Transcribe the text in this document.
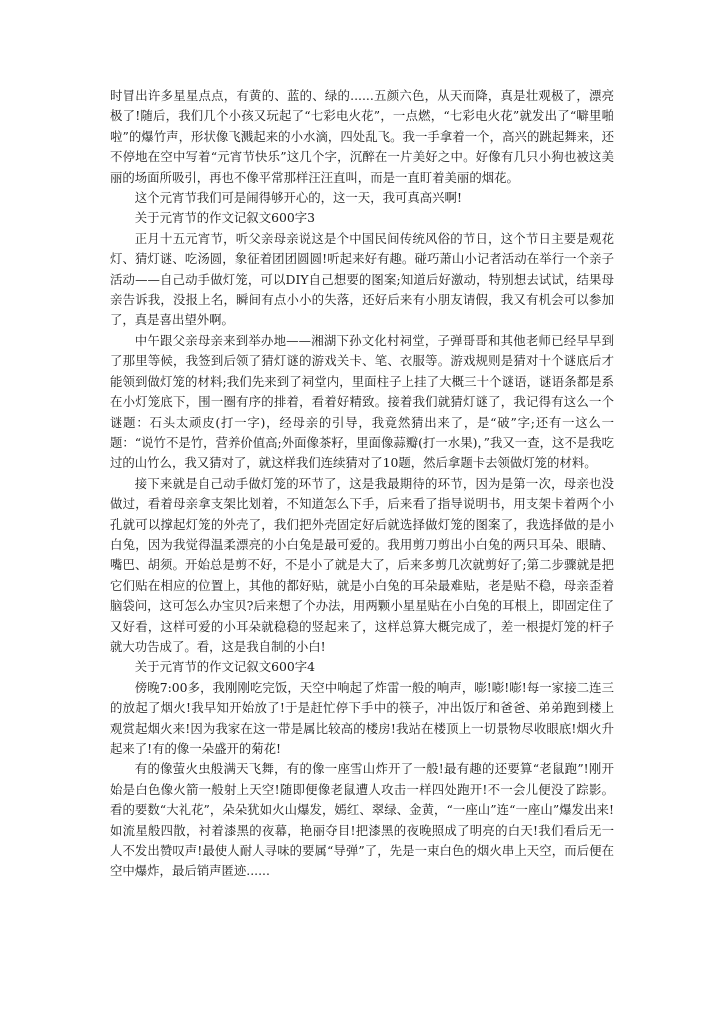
时冒出许多星星点点，有黄的、蓝的、绿的......五颜六色，从天而降，真是壮观极了，漂亮极了!随后，我们几个小孩又玩起了“七彩电火花”，一点燃，“七彩电火花”就发出了“噼里啪啦”的爆竹声，形状像飞溅起来的小水滴，四处乱飞。我一手拿着一个，高兴的跳起舞来，还不停地在空中写着“元宵节快乐”这几个字，沉醉在一片美好之中。好像有几只小狗也被这美丽的场面所吸引，再也不像平常那样汪汪直叫，而是一直盯着美丽的烟花。

这个元宵节我们可是闹得够开心的，这一天，我可真高兴啊!

关于元宵节的作文记叙文600字3

正月十五元宵节，听父亲母亲说这是个中国民间传统风俗的节日，这个节日主要是观花灯、猜灯谜、吃汤圆，象征着团团圆圆!听起来好有趣。碰巧萧山小记者活动在举行一个亲子活动——自己动手做灯笼，可以DIY自己想要的图案;知道后好激动，特别想去试试，结果母亲告诉我，没报上名，瞬间有点小小的失落，还好后来有小朋友请假，我又有机会可以参加了，真是喜出望外啊。

中午跟父亲母亲来到举办地——湘湖下孙文化村祠堂，子弹哥哥和其他老师已经早早到了那里等候，我签到后领了猜灯谜的游戏关卡、笔、衣服等。游戏规则是猜对十个谜底后才能领到做灯笼的材料;我们先来到了祠堂内，里面柱子上挂了大概三十个谜语，谜语条都是系在小灯笼底下，围一圈有序的排着，看着好精致。接着我们就猜灯谜了，我记得有这么一个谜题：石头太顽皮(打一字)，经母亲的引导，我竟然猜出来了，是“破”字;还有一这么一题：“说竹不是竹，营养价值高;外面像茶籽，里面像蒜瓣(打一水果)，”我又一查，这不是我吃过的山竹么，我又猜对了，就这样我们连续猜对了10题，然后拿题卡去领做灯笼的材料。

接下来就是自己动手做灯笼的环节了，这是我最期待的环节，因为是第一次，母亲也没做过，看着母亲拿支架比划着，不知道怎么下手，后来看了指导说明书，用支架卡着两个小孔就可以撑起灯笼的外壳了，我们把外壳固定好后就选择做灯笼的图案了，我选择做的是小白兔，因为我觉得温柔漂亮的小白兔是最可爱的。我用剪刀剪出小白兔的两只耳朵、眼睛、嘴巴、胡须。开始总是剪不好，不是小了就是大了，后来多剪几次就剪好了;第二步骤就是把它们贴在相应的位置上，其他的都好贴，就是小白兔的耳朵最难贴，老是贴不稳，母亲歪着脑袋问，这可怎么办宝贝?后来想了个办法，用两颗小星星贴在小白兔的耳根上，即固定住了又好看，这样可爱的小耳朵就稳稳的竖起来了，这样总算大概完成了，差一根提灯笼的杆子就大功告成了。看，这是我自制的小白!

关于元宵节的作文记叙文600字4

傍晚7:00多，我刚刚吃完饭，天空中响起了炸雷一般的响声，嘭!嘭!嘭!每一家接二连三的放起了烟火!我早知开始放了!于是赶忙停下手中的筷子，冲出饭厅和爸爸、弟弟跑到楼上观赏起烟火来!因为我家在这一带是属比较高的楼房!我站在楼顶上一切景物尽收眼底!烟火升起来了!有的像一朵盛开的菊花!

有的像萤火虫般满天飞舞，有的像一座雪山炸开了一般!最有趣的还要算“老鼠跑”!刚开始是白色像火箭一般射上天空!随即便像老鼠遭人攻击一样四处跑开!不一会儿便没了踪影。看的要数“大礼花”，朵朵犹如火山爆发，嫣红、翠绿、金黄，“一座山”连“一座山”爆发出来!如流星般四散，衬着漆黑的夜幕，艳丽夺目!把漆黑的夜晚照成了明亮的白天!我们看后无一人不发出赞叹声!最使人耐人寻味的要属“导弹”了，先是一束白色的烟火串上天空，而后便在空中爆炸，最后销声匿迹......
